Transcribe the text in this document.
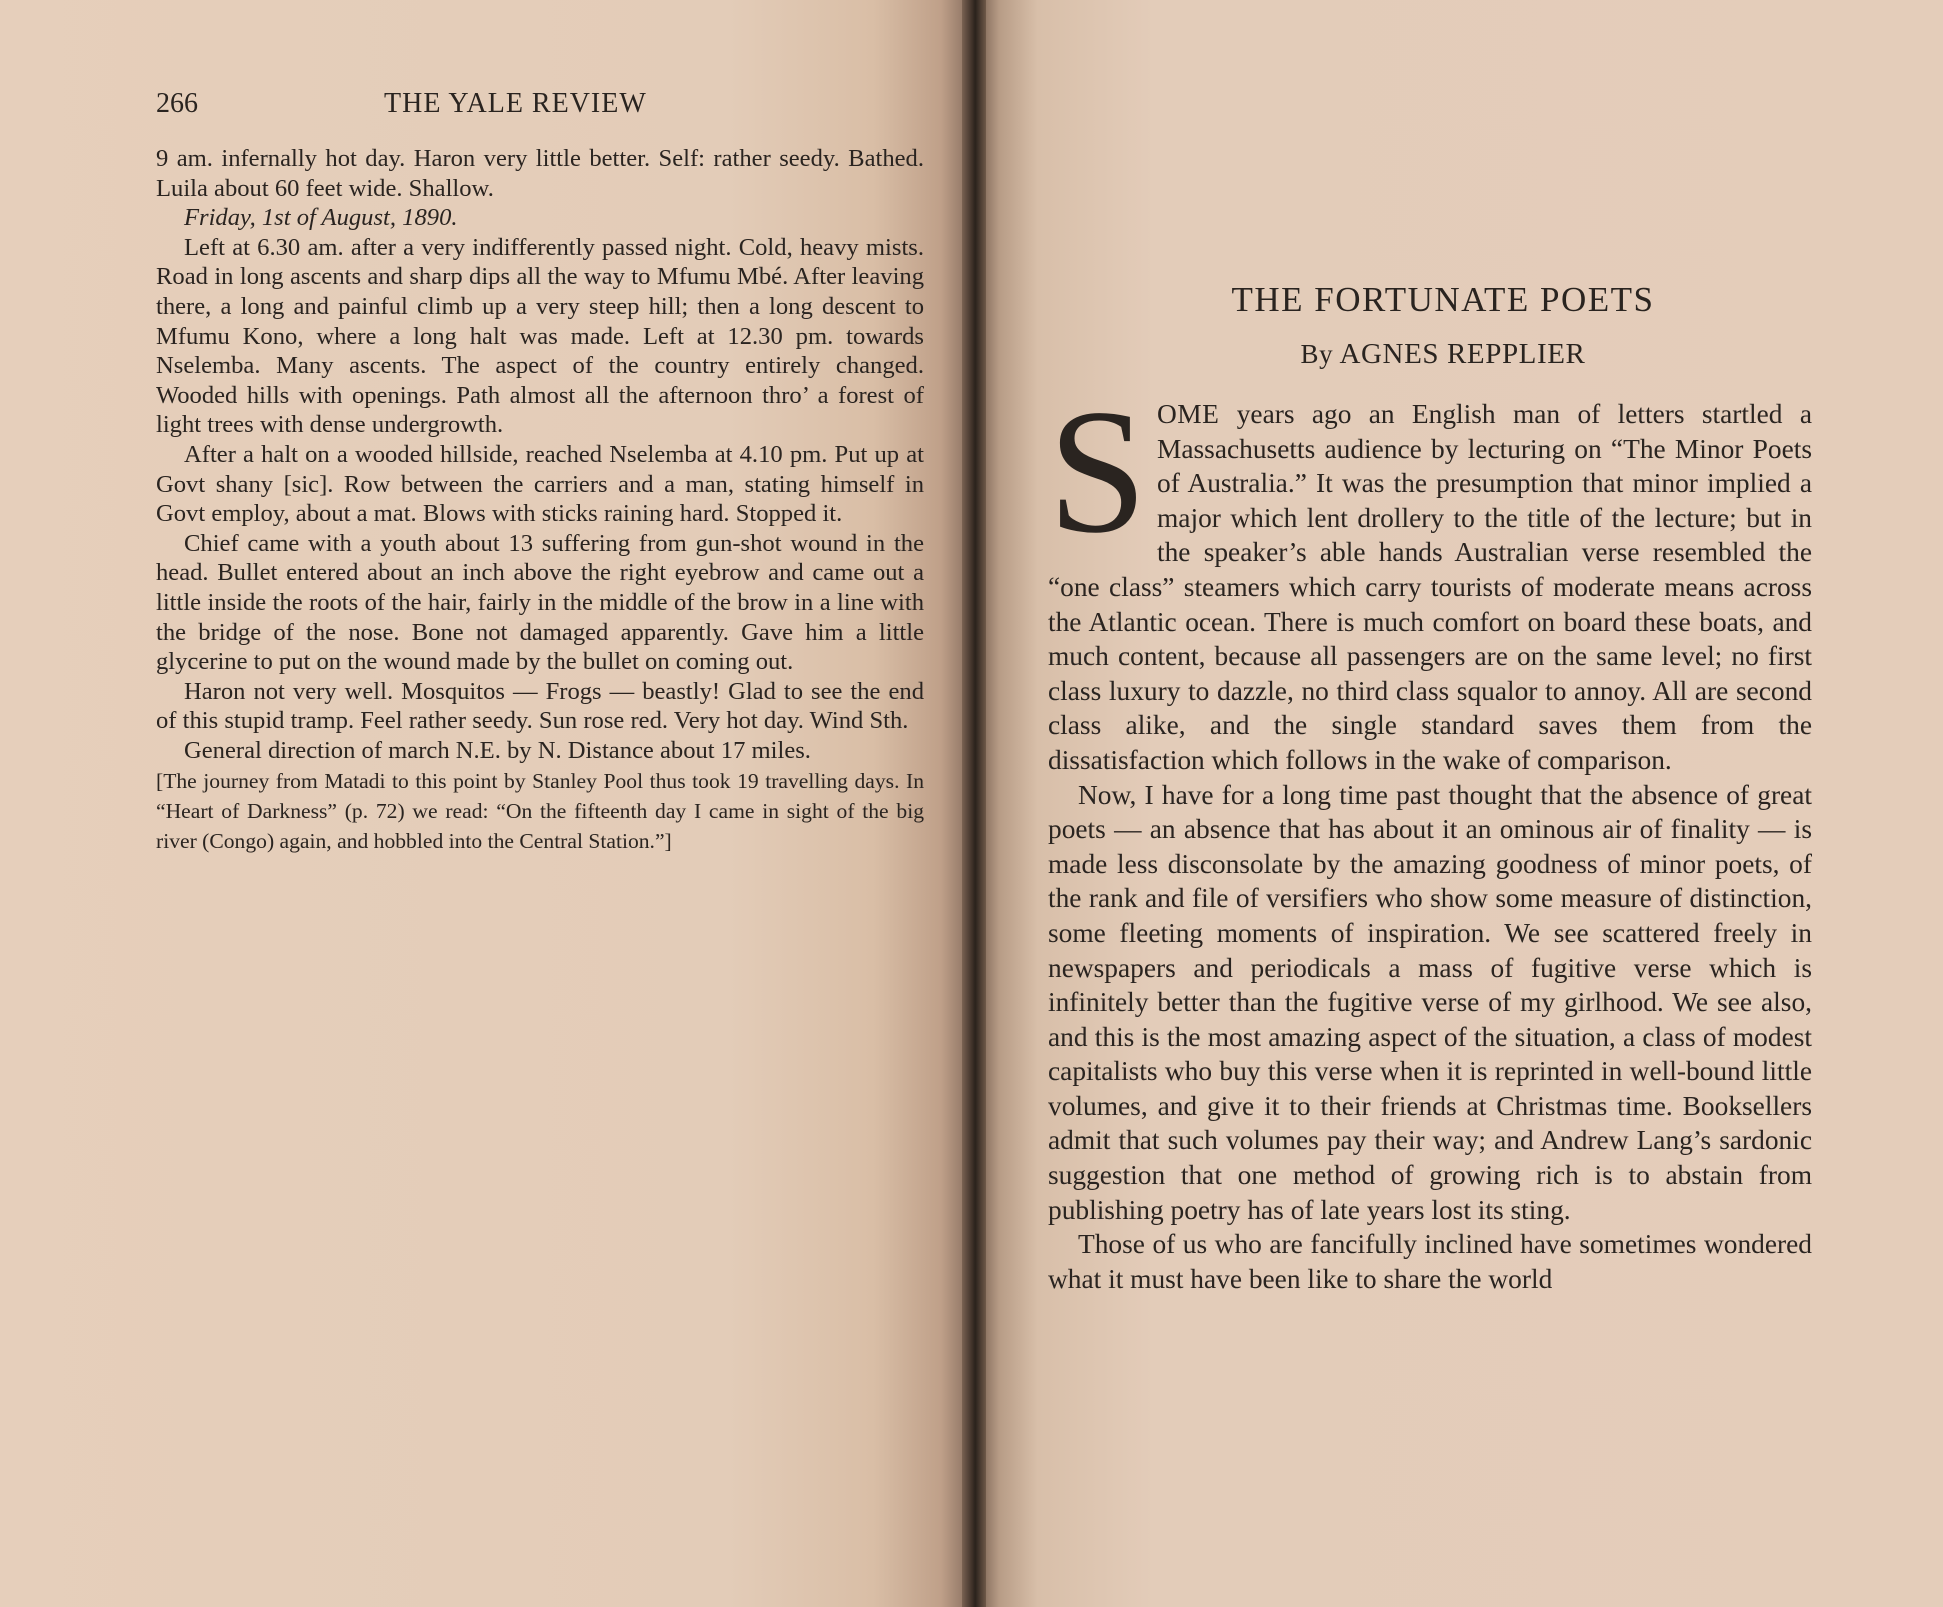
266	THE YALE REVIEW

9 am. infernally hot day. Haron very little better. Self: rather seedy. Bathed. Luila about 60 feet wide. Shallow.

Friday, 1st of August, 1890.

Left at 6.30 am. after a very indifferently passed night. Cold, heavy mists. Road in long ascents and sharp dips all the way to Mfumu Mbé. After leaving there, a long and painful climb up a very steep hill; then a long descent to Mfumu Kono, where a long halt was made. Left at 12.30 pm. towards Nselemba. Many ascents. The aspect of the country entirely changed. Wooded hills with openings. Path almost all the afternoon thro’ a forest of light trees with dense undergrowth.

After a halt on a wooded hillside, reached Nselemba at 4.10 pm. Put up at Govt shany [sic]. Row between the carriers and a man, stating himself in Govt employ, about a mat. Blows with sticks raining hard. Stopped it.

Chief came with a youth about 13 suffering from gun-shot wound in the head. Bullet entered about an inch above the right eyebrow and came out a little inside the roots of the hair, fairly in the middle of the brow in a line with the bridge of the nose. Bone not damaged apparently. Gave him a little glycerine to put on the wound made by the bullet on coming out.

Haron not very well. Mosquitos — Frogs — beastly! Glad to see the end of this stupid tramp. Feel rather seedy. Sun rose red. Very hot day. Wind Sth.

General direction of march N.E. by N. Distance about 17 miles.

[The journey from Matadi to this point by Stanley Pool thus took 19 travelling days. In “Heart of Darkness” (p. 72) we read: “On the fifteenth day I came in sight of the big river (Congo) again, and hobbled into the Central Station.”]

THE FORTUNATE POETS
By AGNES REPPLIER

SOME years ago an English man of letters startled a Massachusetts audience by lecturing on “The Minor Poets of Australia.” It was the presumption that minor implied a major which lent drollery to the title of the lecture; but in the speaker’s able hands Australian verse resembled the “one class” steamers which carry tourists of moderate means across the Atlantic ocean. There is much comfort on board these boats, and much content, because all passengers are on the same level; no first class luxury to dazzle, no third class squalor to annoy. All are second class alike, and the single standard saves them from the dissatisfaction which follows in the wake of comparison.

Now, I have for a long time past thought that the absence of great poets — an absence that has about it an ominous air of finality — is made less disconsolate by the amazing goodness of minor poets, of the rank and file of versifiers who show some measure of distinction, some fleeting moments of inspiration. We see scattered freely in newspapers and periodicals a mass of fugitive verse which is infinitely better than the fugitive verse of my girlhood. We see also, and this is the most amazing aspect of the situation, a class of modest capitalists who buy this verse when it is reprinted in well-bound little volumes, and give it to their friends at Christmas time. Booksellers admit that such volumes pay their way; and Andrew Lang’s sardonic suggestion that one method of growing rich is to abstain from publishing poetry has of late years lost its sting.

Those of us who are fancifully inclined have sometimes wondered what it must have been like to share the world
